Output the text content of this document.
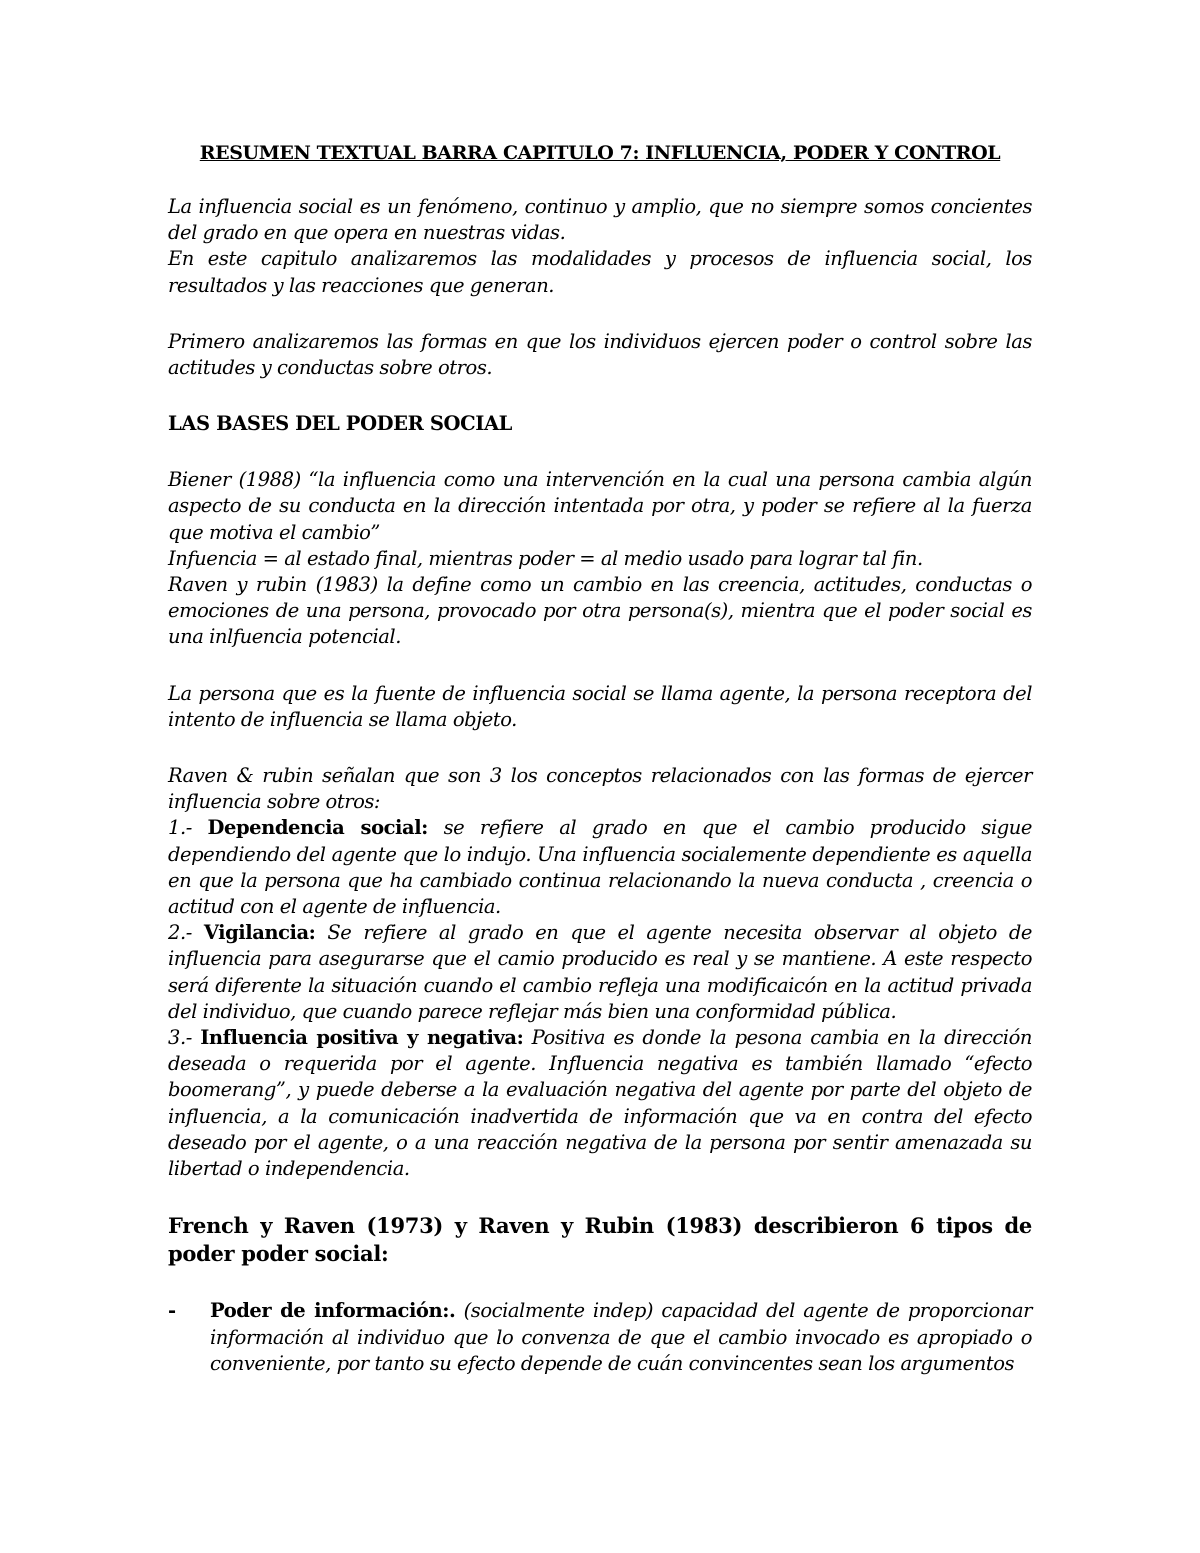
RESUMEN TEXTUAL BARRA CAPITULO 7: INFLUENCIA, PODER Y CONTROL

La influencia social es un fenómeno, continuo y amplio, que no siempre somos concientes del grado en que opera en nuestras vidas.

En este capitulo analizaremos las modalidades y procesos de influencia social, los resultados y las reacciones que generan.

Primero analizaremos las formas en que los individuos ejercen poder o control sobre las actitudes y conductas sobre otros.

LAS BASES DEL PODER SOCIAL

Biener (1988) “la influencia como una intervención en la cual una persona cambia algún aspecto de su conducta en la dirección intentada por otra, y poder se refiere al la fuerza que motiva el cambio”

Infuencia = al estado final, mientras poder = al medio usado para lograr tal fin.

Raven y rubin (1983) la define como un cambio en las creencia, actitudes, conductas o emociones de una persona, provocado por otra persona(s), mientra que el poder social es una inlfuencia potencial.

La persona que es la fuente de influencia social se llama agente, la persona receptora del intento de influencia se llama objeto.

Raven & rubin señalan que son 3 los conceptos relacionados con las formas de ejercer influencia sobre otros:

1.- Dependencia social: se refiere al grado en que el cambio producido sigue dependiendo del agente que lo indujo. Una influencia socialemente dependiente es aquella en que la persona que ha cambiado continua relacionando la nueva conducta , creencia o actitud con el agente de influencia.

2.- Vigilancia: Se refiere al grado en que el agente necesita observar al objeto de influencia para asegurarse que el camio producido es real y se mantiene. A este respecto será diferente la situación cuando el cambio refleja una modificaicón en la actitud privada del individuo, que cuando parece reflejar más bien una conformidad pública.

3.- Influencia positiva y negativa: Positiva es donde la pesona cambia en la dirección deseada o requerida por el agente. Influencia negativa es también llamado “efecto boomerang”, y puede deberse a la evaluación negativa del agente por parte del objeto de influencia, a la comunicación inadvertida de información que va en contra del efecto deseado por el agente, o a una reacción negativa de la persona por sentir amenazada su libertad o independencia.

French y Raven (1973) y Raven y Rubin (1983) describieron 6 tipos de poder poder social:

-	Poder de información:. (socialmente indep) capacidad del agente de proporcionar información al individuo que lo convenza de que el cambio invocado es apropiado o conveniente, por tanto su efecto depende de cuán convincentes sean los argumentos
